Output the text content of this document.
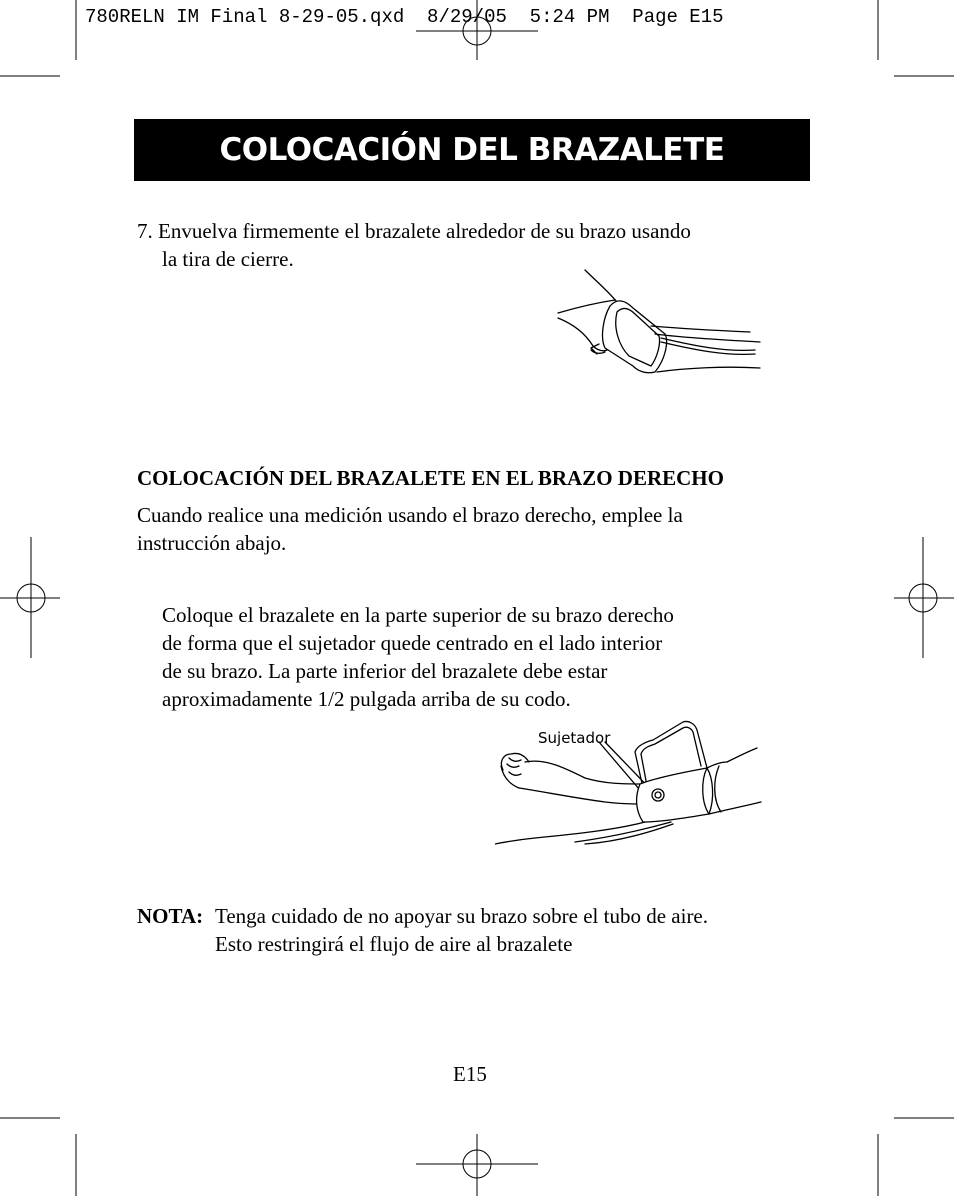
780RELN IM Final 8-29-05.qxd  8/29/05  5:24 PM  Page E15
COLOCACIÓN DEL BRAZALETE
7. Envuelva firmemente el brazalete alrededor de su brazo usando
la tira de cierre.
COLOCACIÓN DEL BRAZALETE EN EL BRAZO DERECHO
Cuando realice una medición usando el brazo derecho, emplee la
instrucción abajo.
Coloque el brazalete en la parte superior de su brazo derecho
de forma que el sujetador quede centrado en el lado interior
de su brazo. La parte inferior del brazalete debe estar
aproximadamente 1/2 pulgada arriba de su codo.
Sujetador
NOTA: Tenga cuidado de no apoyar su brazo sobre el tubo de aire.
Esto restringirá el flujo de aire al brazalete
E15
